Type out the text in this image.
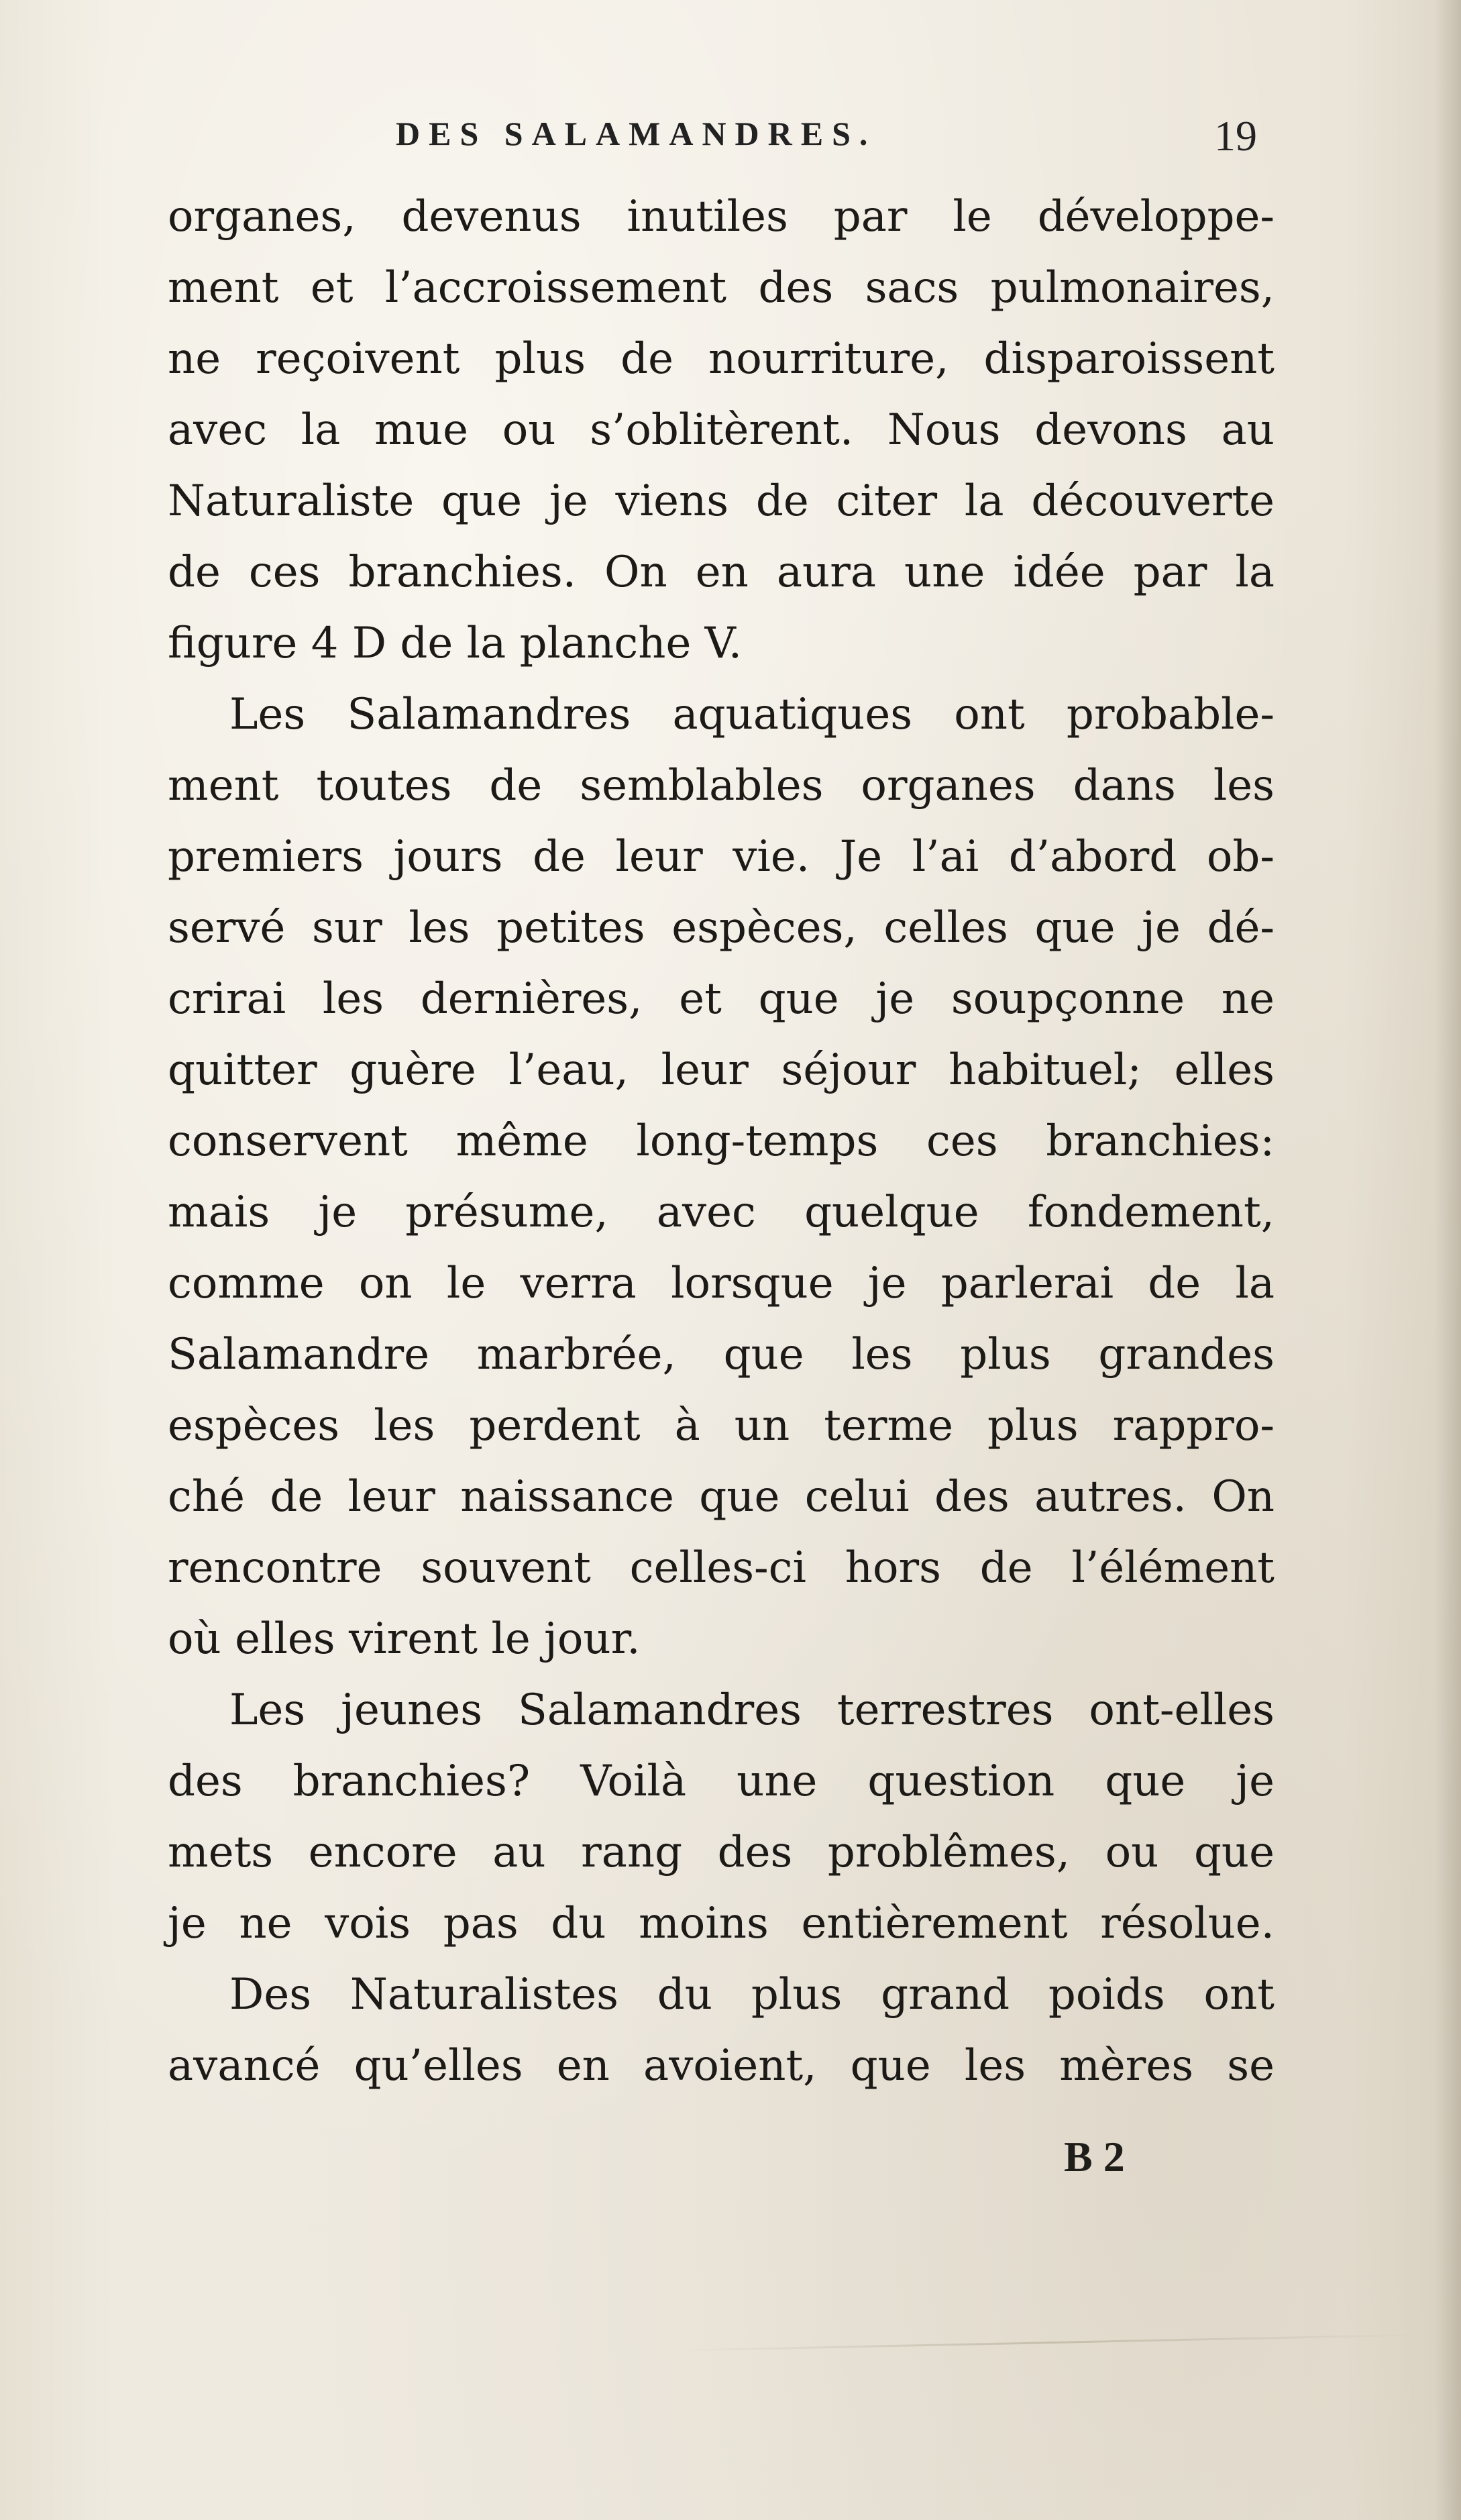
DES SALAMANDRES.	19
organes, devenus inutiles par le développe-
ment et l’accroissement des sacs pulmonaires,
ne reçoivent plus de nourriture, disparoissent
avec la mue ou s’oblitèrent. Nous devons au
Naturaliste que je viens de citer la découverte
de ces branchies. On en aura une idée par la
figure 4 D de la planche V.
Les Salamandres aquatiques ont probable-
ment toutes de semblables organes dans les
premiers jours de leur vie. Je l’ai d’abord ob-
servé sur les petites espèces, celles que je dé-
crirai les dernières, et que je soupçonne ne
quitter guère l’eau, leur séjour habituel; elles
conservent même long-temps ces branchies:
mais je présume, avec quelque fondement,
comme on le verra lorsque je parlerai de la
Salamandre marbrée, que les plus grandes
espèces les perdent à un terme plus rappro-
ché de leur naissance que celui des autres. On
rencontre souvent celles-ci hors de l’élément
où elles virent le jour.
Les jeunes Salamandres terrestres ont-elles
des branchies? Voilà une question que je
mets encore au rang des problêmes, ou que
je ne vois pas du moins entièrement résolue.
Des Naturalistes du plus grand poids ont
avancé qu’elles en avoient, que les mères se
B 2
